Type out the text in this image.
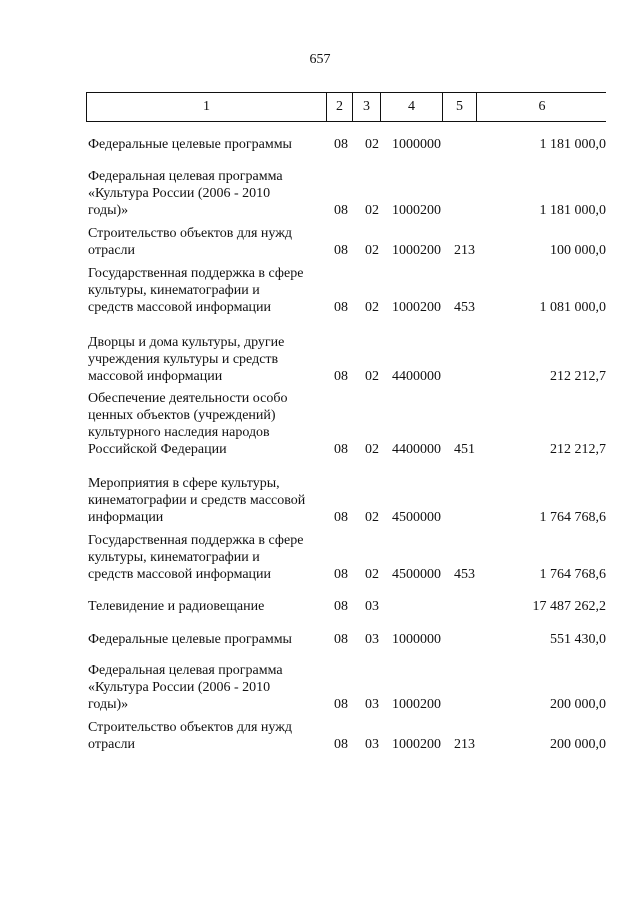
657
1	2	3	4	5	6
Федеральные целевые программы	08 02 1000000	1 181 000,0
Федеральная целевая программа
«Культура России (2006 - 2010
годы)»	08 02 1000200	1 181 000,0
Строительство объектов для нужд
отрасли	08 02 1000200 213	100 000,0
Государственная поддержка в сфере
культуры, кинематографии и
средств массовой информации	08 02 1000200 453	1 081 000,0
Дворцы и дома культуры, другие
учреждения культуры и средств
массовой информации	08 02 4400000	212 212,7
Обеспечение деятельности особо
ценных объектов (учреждений)
культурного наследия народов
Российской Федерации	08 02 4400000 451	212 212,7
Мероприятия в сфере культуры,
кинематографии и средств массовой
информации	08 02 4500000	1 764 768,6
Государственная поддержка в сфере
культуры, кинематографии и
средств массовой информации	08 02 4500000 453	1 764 768,6
Телевидение и радиовещание	08 03	17 487 262,2
Федеральные целевые программы	08 03 1000000	551 430,0
Федеральная целевая программа
«Культура России (2006 - 2010
годы)»	08 03 1000200	200 000,0
Строительство объектов для нужд
отрасли	08 03 1000200 213	200 000,0
